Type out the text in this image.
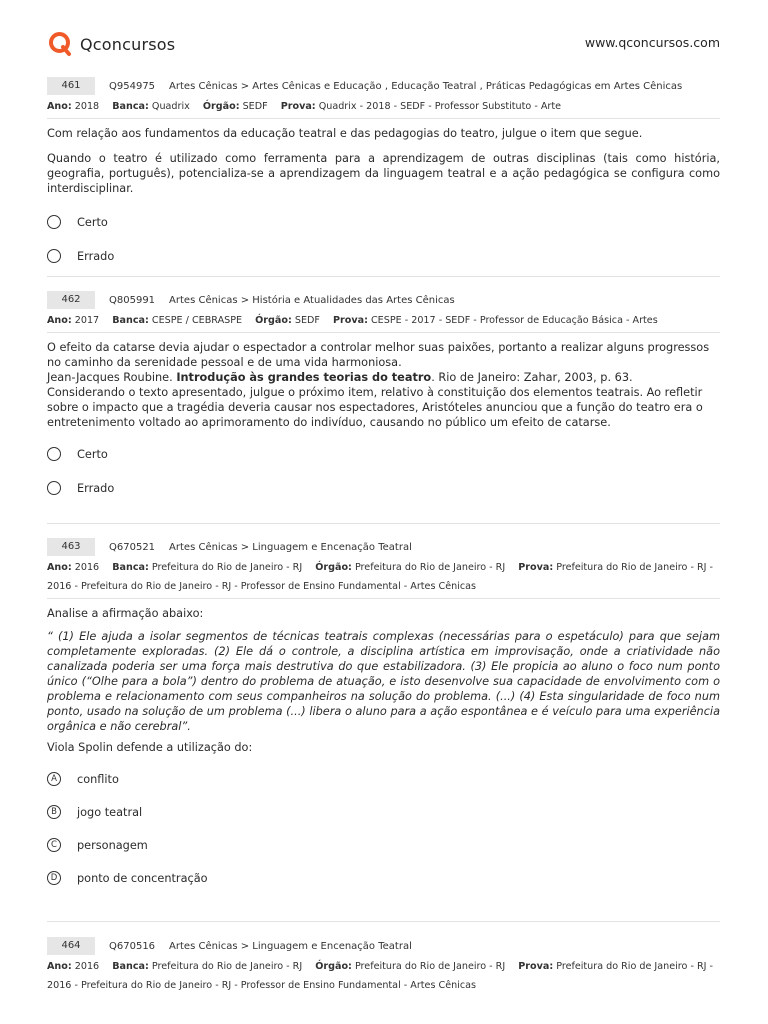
Qconcursos	www.qconcursos.com
461	Q954975 Artes Cênicas > Artes Cênicas e Educação , Educação Teatral , Práticas Pedagógicas em Artes Cênicas
Ano: 2018 Banca: Quadrix Órgão: SEDF Prova: Quadrix - 2018 - SEDF - Professor Substituto - Arte
Com relação aos fundamentos da educação teatral e das pedagogias do teatro, julgue o item que segue.
Quando o teatro é utilizado como ferramenta para a aprendizagem de outras disciplinas (tais como história, geografia, português), potencializa-se a aprendizagem da linguagem teatral e a ação pedagógica se configura como interdisciplinar.
Certo
Errado
462	Q805991 Artes Cênicas > História e Atualidades das Artes Cênicas
Ano: 2017 Banca: CESPE / CEBRASPE Órgão: SEDF Prova: CESPE - 2017 - SEDF - Professor de Educação Básica - Artes
O efeito da catarse devia ajudar o espectador a controlar melhor suas paixões, portanto a realizar alguns progressos no caminho da serenidade pessoal e de uma vida harmoniosa.
Jean-Jacques Roubine. Introdução às grandes teorias do teatro. Rio de Janeiro: Zahar, 2003, p. 63.
Considerando o texto apresentado, julgue o próximo item, relativo à constituição dos elementos teatrais. Ao refletir sobre o impacto que a tragédia deveria causar nos espectadores, Aristóteles anunciou que a função do teatro era o entretenimento voltado ao aprimoramento do indivíduo, causando no público um efeito de catarse.
Certo
Errado
463	Q670521 Artes Cênicas > Linguagem e Encenação Teatral
Ano: 2016 Banca: Prefeitura do Rio de Janeiro - RJ Órgão: Prefeitura do Rio de Janeiro - RJ Prova: Prefeitura do Rio de Janeiro - RJ - 2016 - Prefeitura do Rio de Janeiro - RJ - Professor de Ensino Fundamental - Artes Cênicas
Analise a afirmação abaixo:
“ (1) Ele ajuda a isolar segmentos de técnicas teatrais complexas (necessárias para o espetáculo) para que sejam completamente exploradas. (2) Ele dá o controle, a disciplina artística em improvisação, onde a criatividade não canalizada poderia ser uma força mais destrutiva do que estabilizadora. (3) Ele propicia ao aluno o foco num ponto único (“Olhe para a bola”) dentro do problema de atuação, e isto desenvolve sua capacidade de envolvimento com o problema e relacionamento com seus companheiros na solução do problema. (...) (4) Esta singularidade de foco num ponto, usado na solução de um problema (...) libera o aluno para a ação espontânea e é veículo para uma experiência orgânica e não cerebral”.
Viola Spolin defende a utilização do:
A	conflito
B	jogo teatral
C	personagem
D	ponto de concentração
464	Q670516 Artes Cênicas > Linguagem e Encenação Teatral
Ano: 2016 Banca: Prefeitura do Rio de Janeiro - RJ Órgão: Prefeitura do Rio de Janeiro - RJ Prova: Prefeitura do Rio de Janeiro - RJ - 2016 - Prefeitura do Rio de Janeiro - RJ - Professor de Ensino Fundamental - Artes Cênicas
